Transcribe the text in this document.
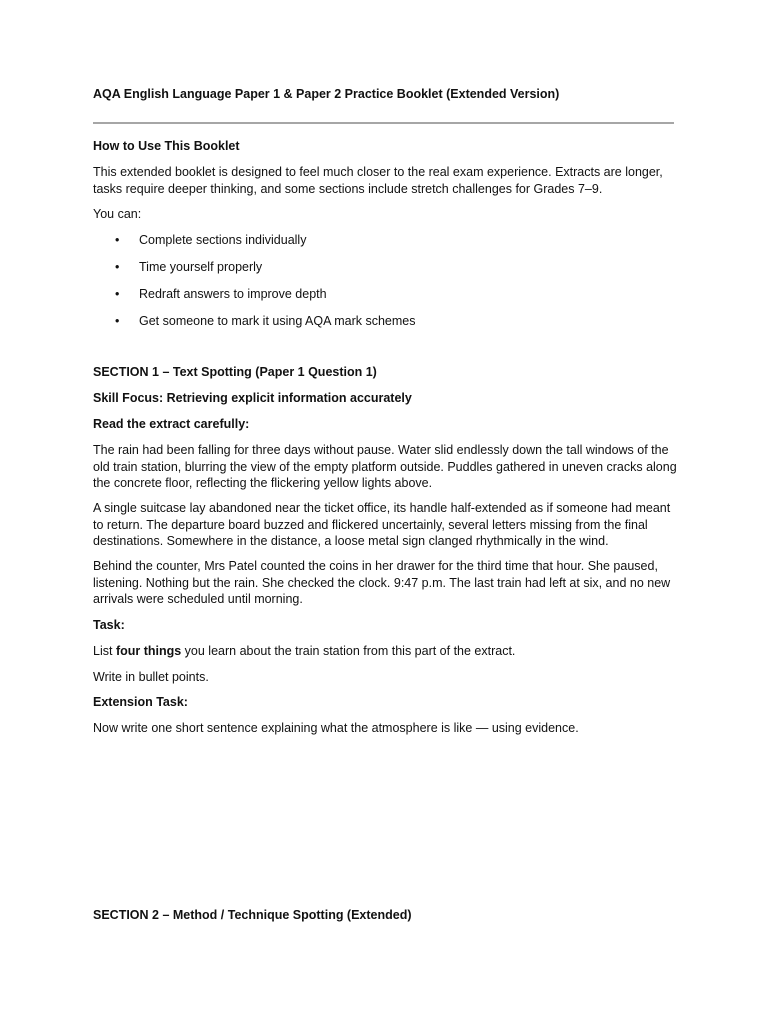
AQA English Language Paper 1 & Paper 2 Practice Booklet (Extended Version)
How to Use This Booklet

This extended booklet is designed to feel much closer to the real exam experience. Extracts are longer, tasks require deeper thinking, and some sections include stretch challenges for Grades 7–9.

You can:
• Complete sections individually
• Time yourself properly
• Redraft answers to improve depth
• Get someone to mark it using AQA mark schemes
SECTION 1 – Text Spotting (Paper 1 Question 1)
Skill Focus: Retrieving explicit information accurately
Read the extract carefully:

The rain had been falling for three days without pause. Water slid endlessly down the tall windows of the old train station, blurring the view of the empty platform outside. Puddles gathered in uneven cracks along the concrete floor, reflecting the flickering yellow lights above.

A single suitcase lay abandoned near the ticket office, its handle half-extended as if someone had meant to return. The departure board buzzed and flickered uncertainly, several letters missing from the final destinations. Somewhere in the distance, a loose metal sign clanged rhythmically in the wind.

Behind the counter, Mrs Patel counted the coins in her drawer for the third time that hour. She paused, listening. Nothing but the rain. She checked the clock. 9:47 p.m. The last train had left at six, and no new arrivals were scheduled until morning.

Task:

List four things you learn about the train station from this part of the extract.

Write in bullet points.
Extension Task:
Now write one short sentence explaining what the atmosphere is like — using evidence.
SECTION 2 – Method / Technique Spotting (Extended)
